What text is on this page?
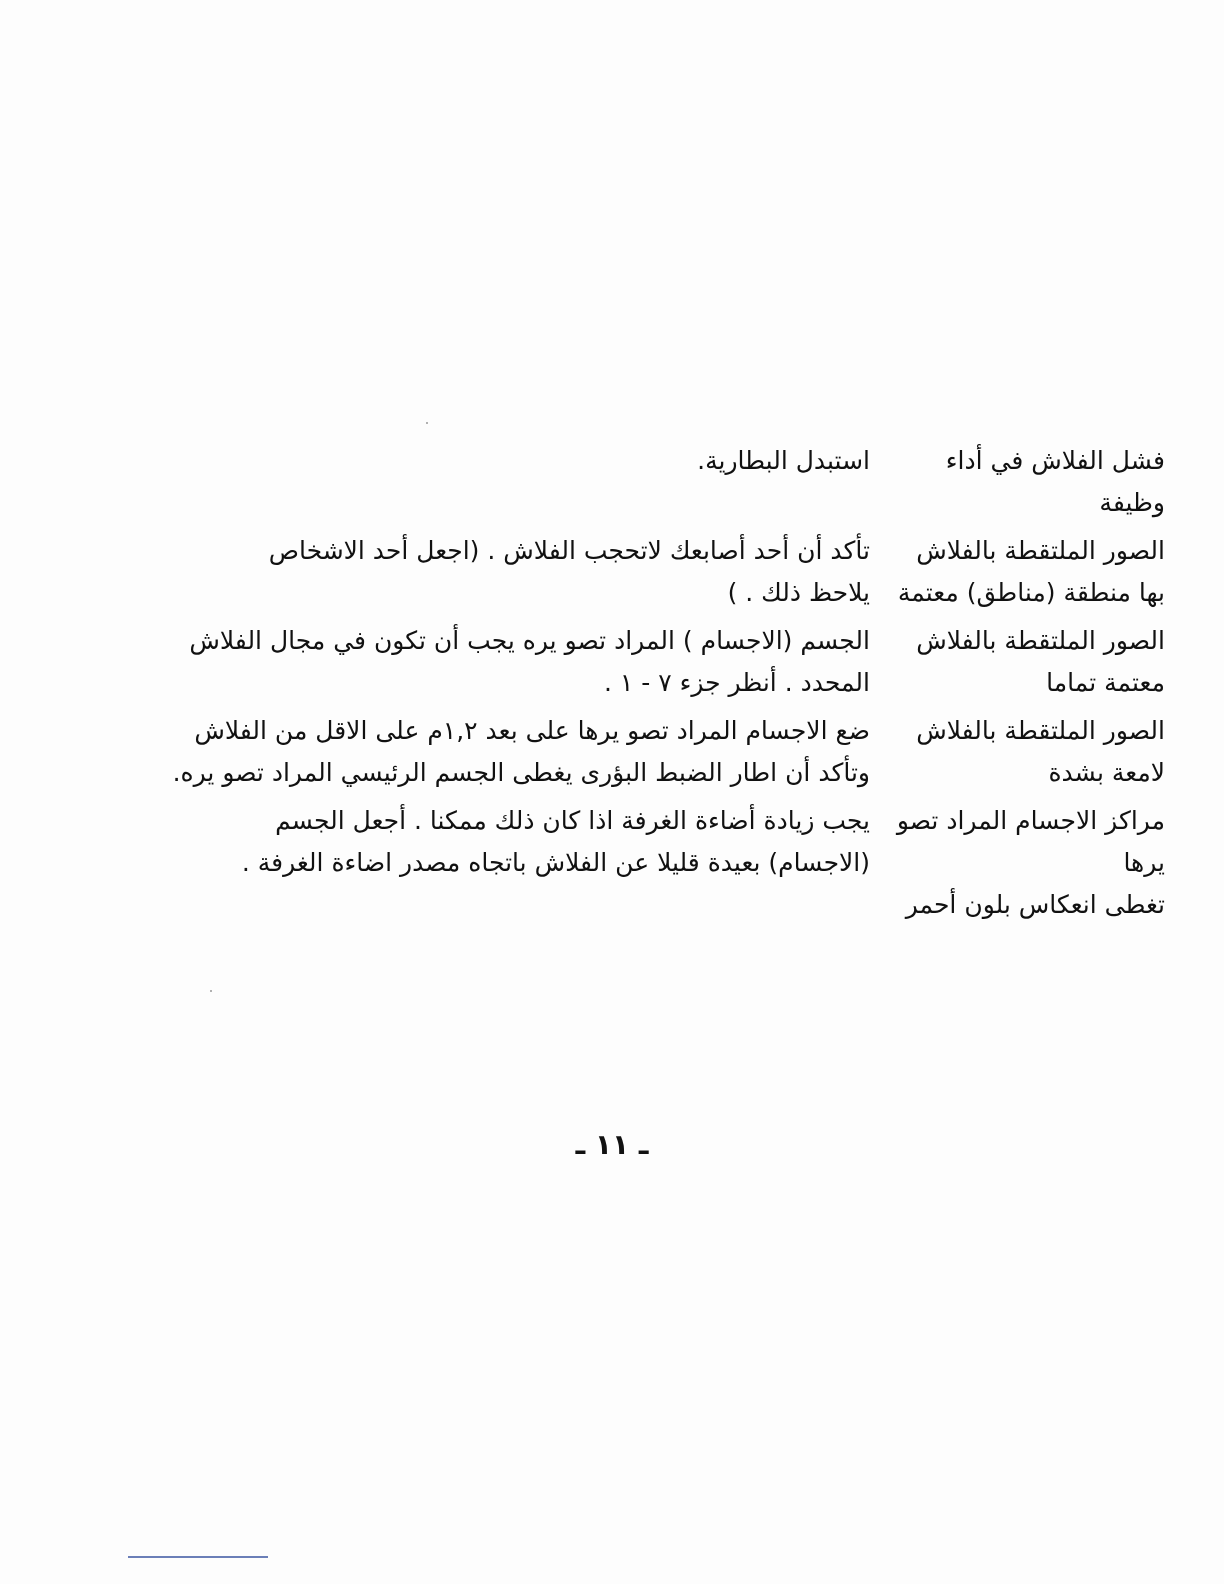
فشل الفلاش في أداء
وظيفة
استبدل البطارية.
الصور الملتقطة بالفلاش
بها منطقة (مناطق) معتمة
تأكد أن أحد أصابعك لاتحجب الفلاش . (اجعل أحد الاشخاص
يلاحظ ذلك . )
الصور الملتقطة بالفلاش
معتمة تماما
الجسم (الاجسام ) المراد تصو يره يجب أن تكون في مجال الفلاش
المحدد . أنظر جزء ٧ - ١ .
الصور الملتقطة بالفلاش
لامعة بشدة
ضع الاجسام المراد تصو يرها على بعد ١,٢م على الاقل من الفلاش
وتأكد أن اطار الضبط البؤرى يغطى الجسم الرئيسي المراد تصو يره.
مراكز الاجسام المراد تصو يرها
تغطى انعكاس بلون أحمر
يجب زيادة أضاءة الغرفة اذا كان ذلك ممكنا . أجعل الجسم
(الاجسام) بعيدة قليلا عن الفلاش باتجاه مصدر اضاءة الغرفة .
ـ ١١ ـ
